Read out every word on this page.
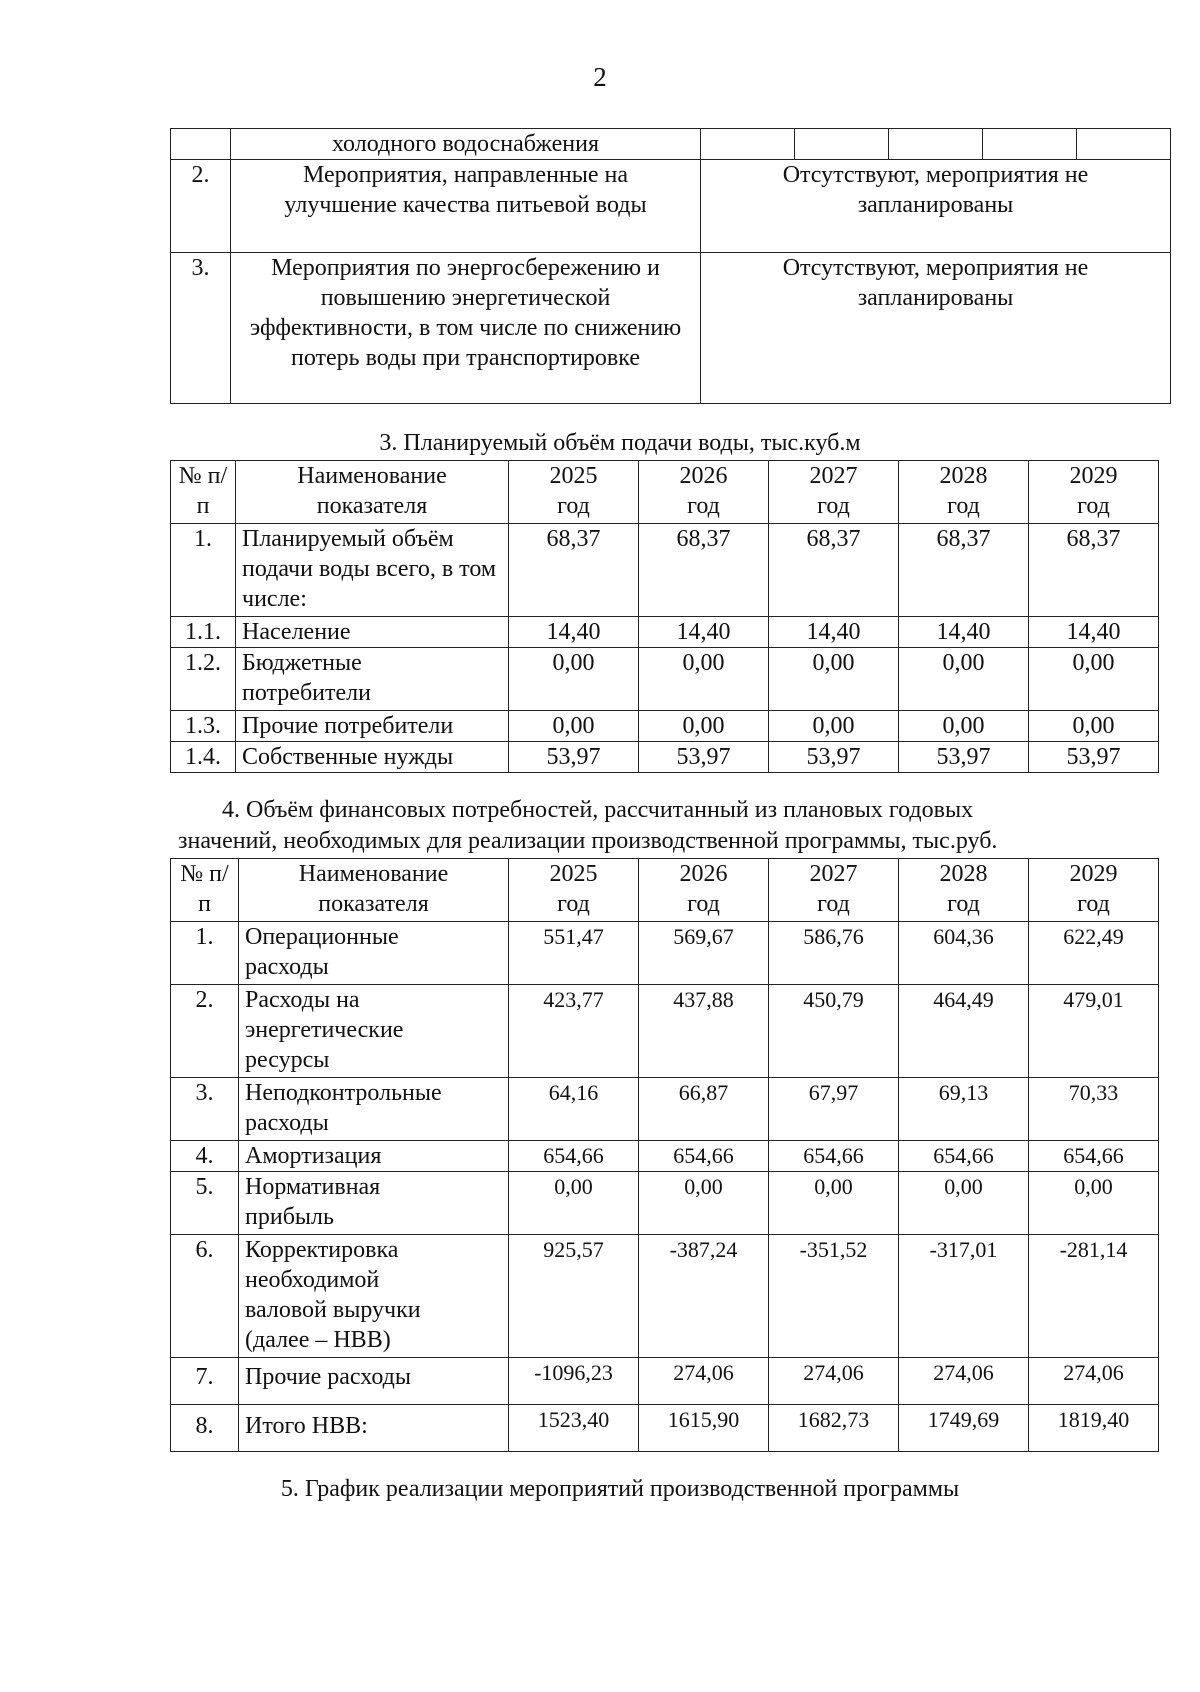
2
	холодного водоснабжения					
2.	Мероприятия, направленные на улучшение качества питьевой воды	Отсутствуют, мероприятия не запланированы				
3.	Мероприятия по энергосбережению и повышению энергетической эффективности, в том числе по снижению потерь воды при транспортировке	Отсутствуют, мероприятия не запланированы				
3. Планируемый объём подачи воды, тыс.куб.м
№ п/п	Наименование показателя	2025 год	2026 год	2027 год	2028 год	2029 год
1.	Планируемый объём подачи воды всего, в том числе:	68,37	68,37	68,37	68,37	68,37
1.1.	Население	14,40	14,40	14,40	14,40	14,40
1.2.	Бюджетные потребители	0,00	0,00	0,00	0,00	0,00
1.3.	Прочие потребители	0,00	0,00	0,00	0,00	0,00
1.4.	Собственные нужды	53,97	53,97	53,97	53,97	53,97
4. Объём финансовых потребностей, рассчитанный из плановых годовых
значений, необходимых для реализации производственной программы, тыс.руб.
№ п/п	Наименование показателя	2025 год	2026 год	2027 год	2028 год	2029 год
1.	Операционные расходы	551,47	569,67	586,76	604,36	622,49
2.	Расходы на энергетические ресурсы	423,77	437,88	450,79	464,49	479,01
3.	Неподконтрольные расходы	64,16	66,87	67,97	69,13	70,33
4.	Амортизация	654,66	654,66	654,66	654,66	654,66
5.	Нормативная прибыль	0,00	0,00	0,00	0,00	0,00
6.	Корректировка необходимой валовой выручки (далее – НВВ)	925,57	-387,24	-351,52	-317,01	-281,14
7.	Прочие расходы	-1096,23	274,06	274,06	274,06	274,06
8.	Итого НВВ:	1523,40	1615,90	1682,73	1749,69	1819,40
5. График реализации мероприятий производственной программы
